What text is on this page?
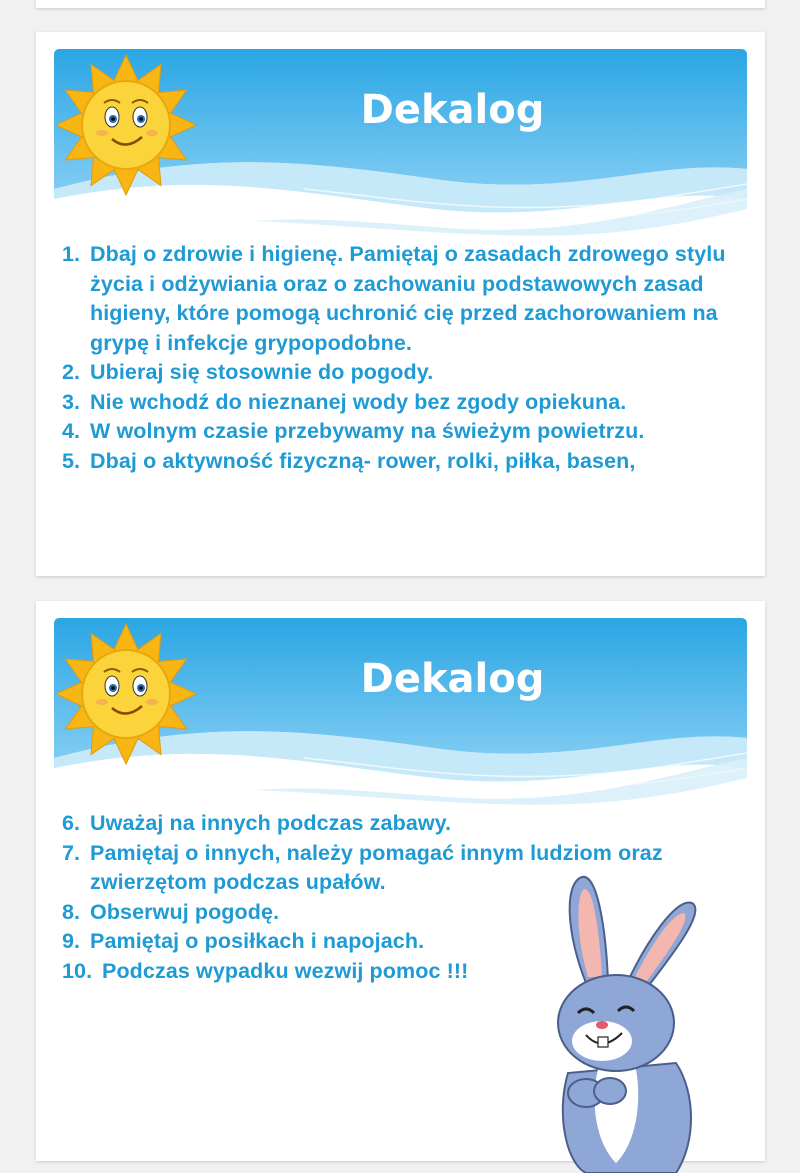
Dekalog
1. Dbaj o zdrowie i higienę. Pamiętaj o zasadach zdrowego stylu życia i odżywiania oraz o zachowaniu podstawowych zasad higieny, które pomogą uchronić cię przed zachorowaniem na grypę i infekcje grypopodobne.
2. Ubieraj się stosownie do pogody.
3. Nie wchodź do nieznanej wody bez zgody opiekuna.
4. W wolnym czasie przebywamy na świeżym powietrzu.
5. Dbaj o aktywność fizyczną- rower, rolki, piłka, basen,
Dekalog
6. Uważaj na innych podczas zabawy.
7. Pamiętaj o innych, należy pomagać innym ludziom oraz zwierzętom podczas upałów.
8. Obserwuj pogodę.
9. Pamiętaj o posiłkach i napojach.
10. Podczas wypadku wezwij pomoc !!!
